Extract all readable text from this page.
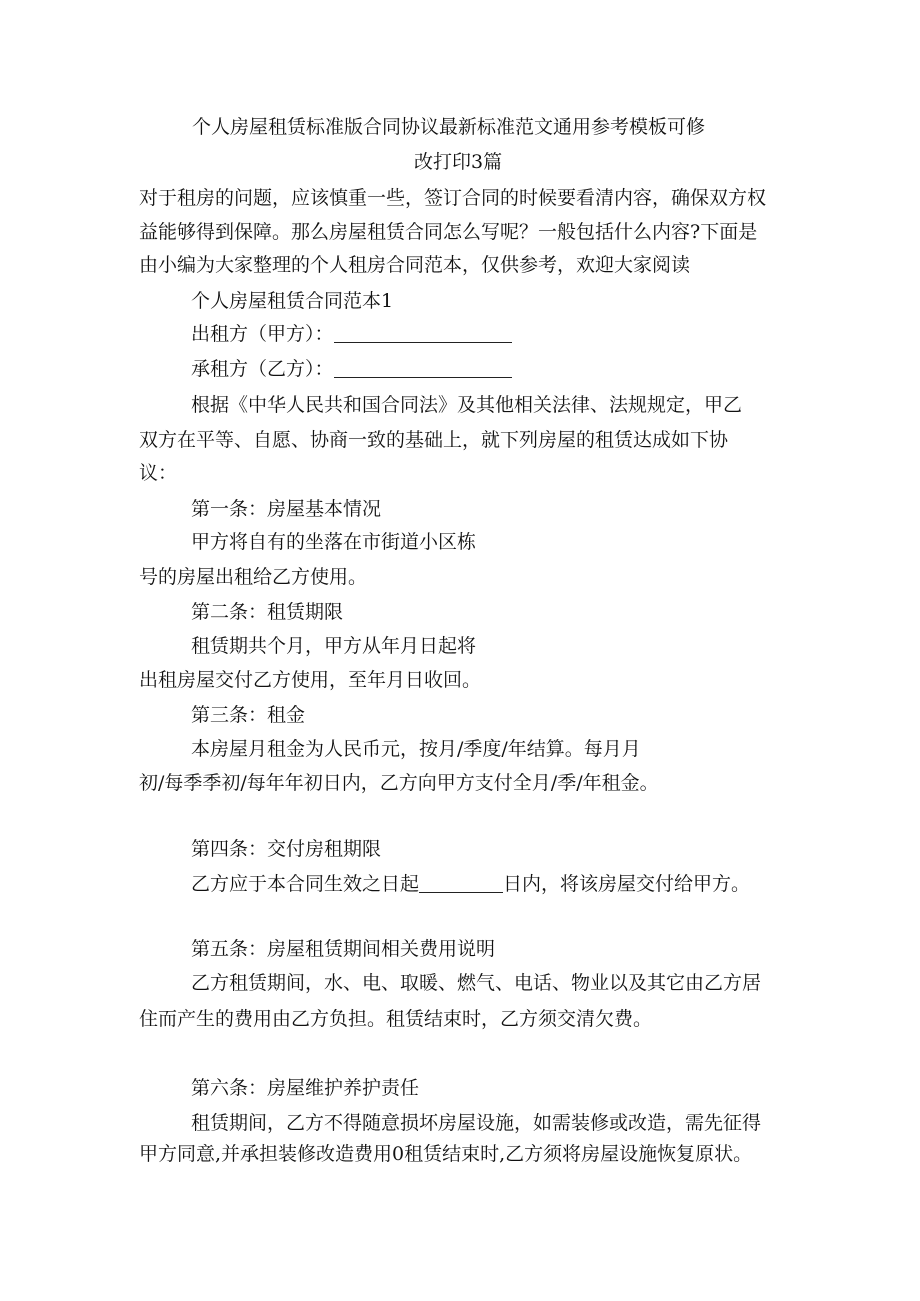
个人房屋租赁标准版合同协议最新标准范文通用参考模板可修
改打印3篇
对于租房的问题，应该慎重一些，签订合同的时候要看清内容，确保双方权
益能够得到保障。那么房屋租赁合同怎么写呢？一般包括什么内容?下面是
由小编为大家整理的个人租房合同范本，仅供参考，欢迎大家阅读
个人房屋租赁合同范本1
出租方（甲方）：
承租方（乙方）：
根据《中华人民共和国合同法》及其他相关法律、法规规定，甲乙
双方在平等、自愿、协商一致的基础上，就下列房屋的租赁达成如下协
议：
第一条：房屋基本情况
甲方将自有的坐落在市街道小区栋
号的房屋出租给乙方使用。
第二条：租赁期限
租赁期共个月，甲方从年月日起将
出租房屋交付乙方使用，至年月日收回。
第三条：租金
本房屋月租金为人民币元，按月/季度/年结算。每月月
初/每季季初/每年年初日内，乙方向甲方支付全月/季/年租金。
第四条：交付房租期限
乙方应于本合同生效之日起	日内，将该房屋交付给甲方。
第五条：房屋租赁期间相关费用说明
乙方租赁期间，水、电、取暖、燃气、电话、物业以及其它由乙方居
住而产生的费用由乙方负担。租赁结束时，乙方须交清欠费。
第六条：房屋维护养护责任
租赁期间，乙方不得随意损坏房屋设施，如需装修或改造，需先征得
甲方同意,并承担装修改造费用0租赁结束时,乙方须将房屋设施恢复原状。
